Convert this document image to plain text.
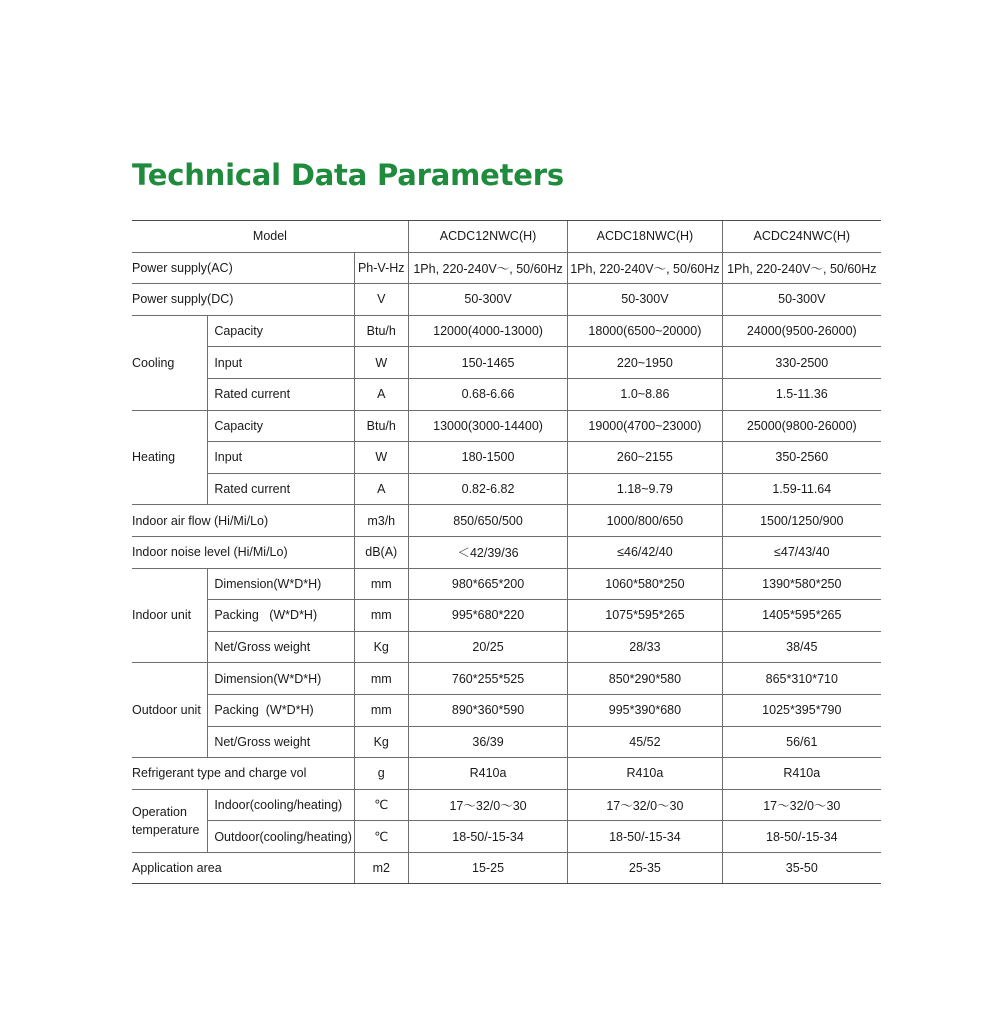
Technical Data Parameters
Model			ACDC12NWC(H)	ACDC18NWC(H)	ACDC24NWC(H)
Power supply(AC)		Ph-V-Hz	1Ph, 220-240V〜, 50/60Hz	1Ph, 220-240V〜, 50/60Hz	1Ph, 220-240V〜, 50/60Hz
Power supply(DC)		V	50-300V	50-300V	50-300V
Cooling	Capacity	Btu/h	12000(4000-13000)	18000(6500~20000)	24000(9500-26000)
	Input	W	150-1465	220~1950	330-2500
	Rated current	A	0.68-6.66	1.0~8.86	1.5-11.36
Heating	Capacity	Btu/h	13000(3000-14400)	19000(4700~23000)	25000(9800-26000)
	Input	W	180-1500	260~2155	350-2560
	Rated current	A	0.82-6.82	1.18~9.79	1.59-11.64
Indoor air flow (Hi/Mi/Lo)		m3/h	850/650/500	1000/800/650	1500/1250/900
Indoor noise level (Hi/Mi/Lo)		dB(A)	＜42/39/36	≤46/42/40	≤47/43/40
Indoor unit	Dimension(W*D*H)	mm	980*665*200	1060*580*250	1390*580*250
	Packing   (W*D*H)	mm	995*680*220	1075*595*265	1405*595*265
	Net/Gross weight	Kg	20/25	28/33	38/45
Outdoor unit	Dimension(W*D*H)	mm	760*255*525	850*290*580	865*310*710
	Packing  (W*D*H)	mm	890*360*590	995*390*680	1025*395*790
	Net/Gross weight	Kg	36/39	45/52	56/61
Refrigerant type and charge vol		g	R410a	R410a	R410a
Operation temperature	Indoor(cooling/heating)	℃	17〜32/0〜30	17〜32/0〜30	17〜32/0〜30
	Outdoor(cooling/heating)	℃	18-50/-15-34	18-50/-15-34	18-50/-15-34
Application area		m2	15-25	25-35	35-50
